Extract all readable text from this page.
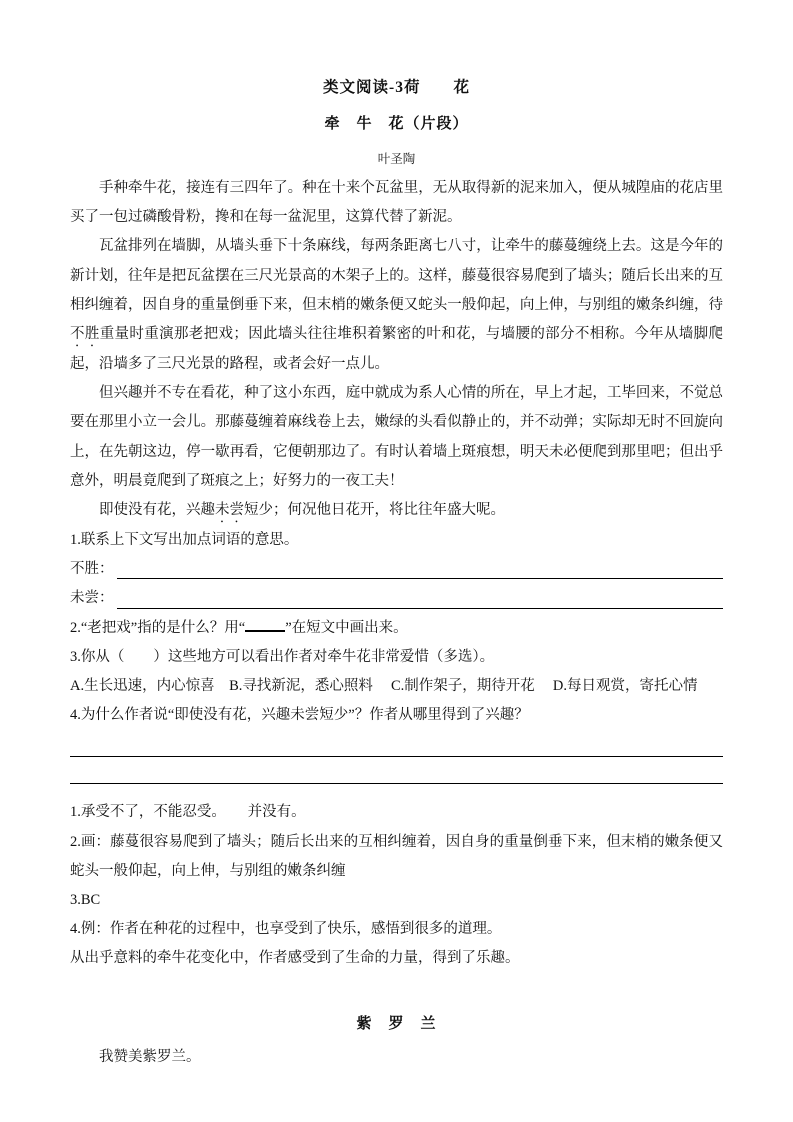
类文阅读-3荷　　花
牵　牛　花（片段）
叶圣陶

手种牵牛花，接连有三四年了。种在十来个瓦盆里，无从取得新的泥来加入，便从城隍庙的花店里买了一包过磷酸骨粉，搀和在每一盆泥里，这算代替了新泥。

瓦盆排列在墙脚，从墙头垂下十条麻线，每两条距离七八寸，让牵牛的藤蔓缠绕上去。这是今年的新计划，往年是把瓦盆摆在三尺光景高的木架子上的。这样，藤蔓很容易爬到了墙头；随后长出来的互相纠缠着，因自身的重量倒垂下来，但末梢的嫩条便又蛇头一般仰起，向上伸，与别组的嫩条纠缠，待不胜重量时重演那老把戏；因此墙头往往堆积着繁密的叶和花，与墙腰的部分不相称。今年从墙脚爬起，沿墙多了三尺光景的路程，或者会好一点儿。

但兴趣并不专在看花，种了这小东西，庭中就成为系人心情的所在，早上才起，工毕回来，不觉总要在那里小立一会儿。那藤蔓缠着麻线卷上去，嫩绿的头看似静止的，并不动弹；实际却无时不回旋向上，在先朝这边，停一歇再看，它便朝那边了。有时认着墙上斑痕想，明天未必便爬到那里吧；但出乎意外，明晨竟爬到了斑痕之上；好努力的一夜工夫！

即使没有花，兴趣未尝短少；何况他日花开，将比往年盛大呢。

1.联系上下文写出加点词语的意思。

不胜：
未尝：

2.“老把戏”指的是什么？用“	”在短文中画出来。

3.你从（　　）这些地方可以看出作者对牵牛花非常爱惜（多选）。

A.生长迅速，内心惊喜　B.寻找新泥，悉心照料 　C.制作架子，期待开花　 D.每日观赏，寄托心情

4.为什么作者说“即使没有花，兴趣未尝短少”？作者从哪里得到了兴趣？

1.承受不了，不能忍受。　　并没有。

2.画：藤蔓很容易爬到了墙头；随后长出来的互相纠缠着，因自身的重量倒垂下来，但末梢的嫩条便又蛇头一般仰起，向上伸，与别组的嫩条纠缠

3.BC

4.例：作者在种花的过程中，也享受到了快乐，感悟到很多的道理。

从出乎意料的牵牛花变化中，作者感受到了生命的力量，得到了乐趣。

紫　罗　兰

我赞美紫罗兰。
